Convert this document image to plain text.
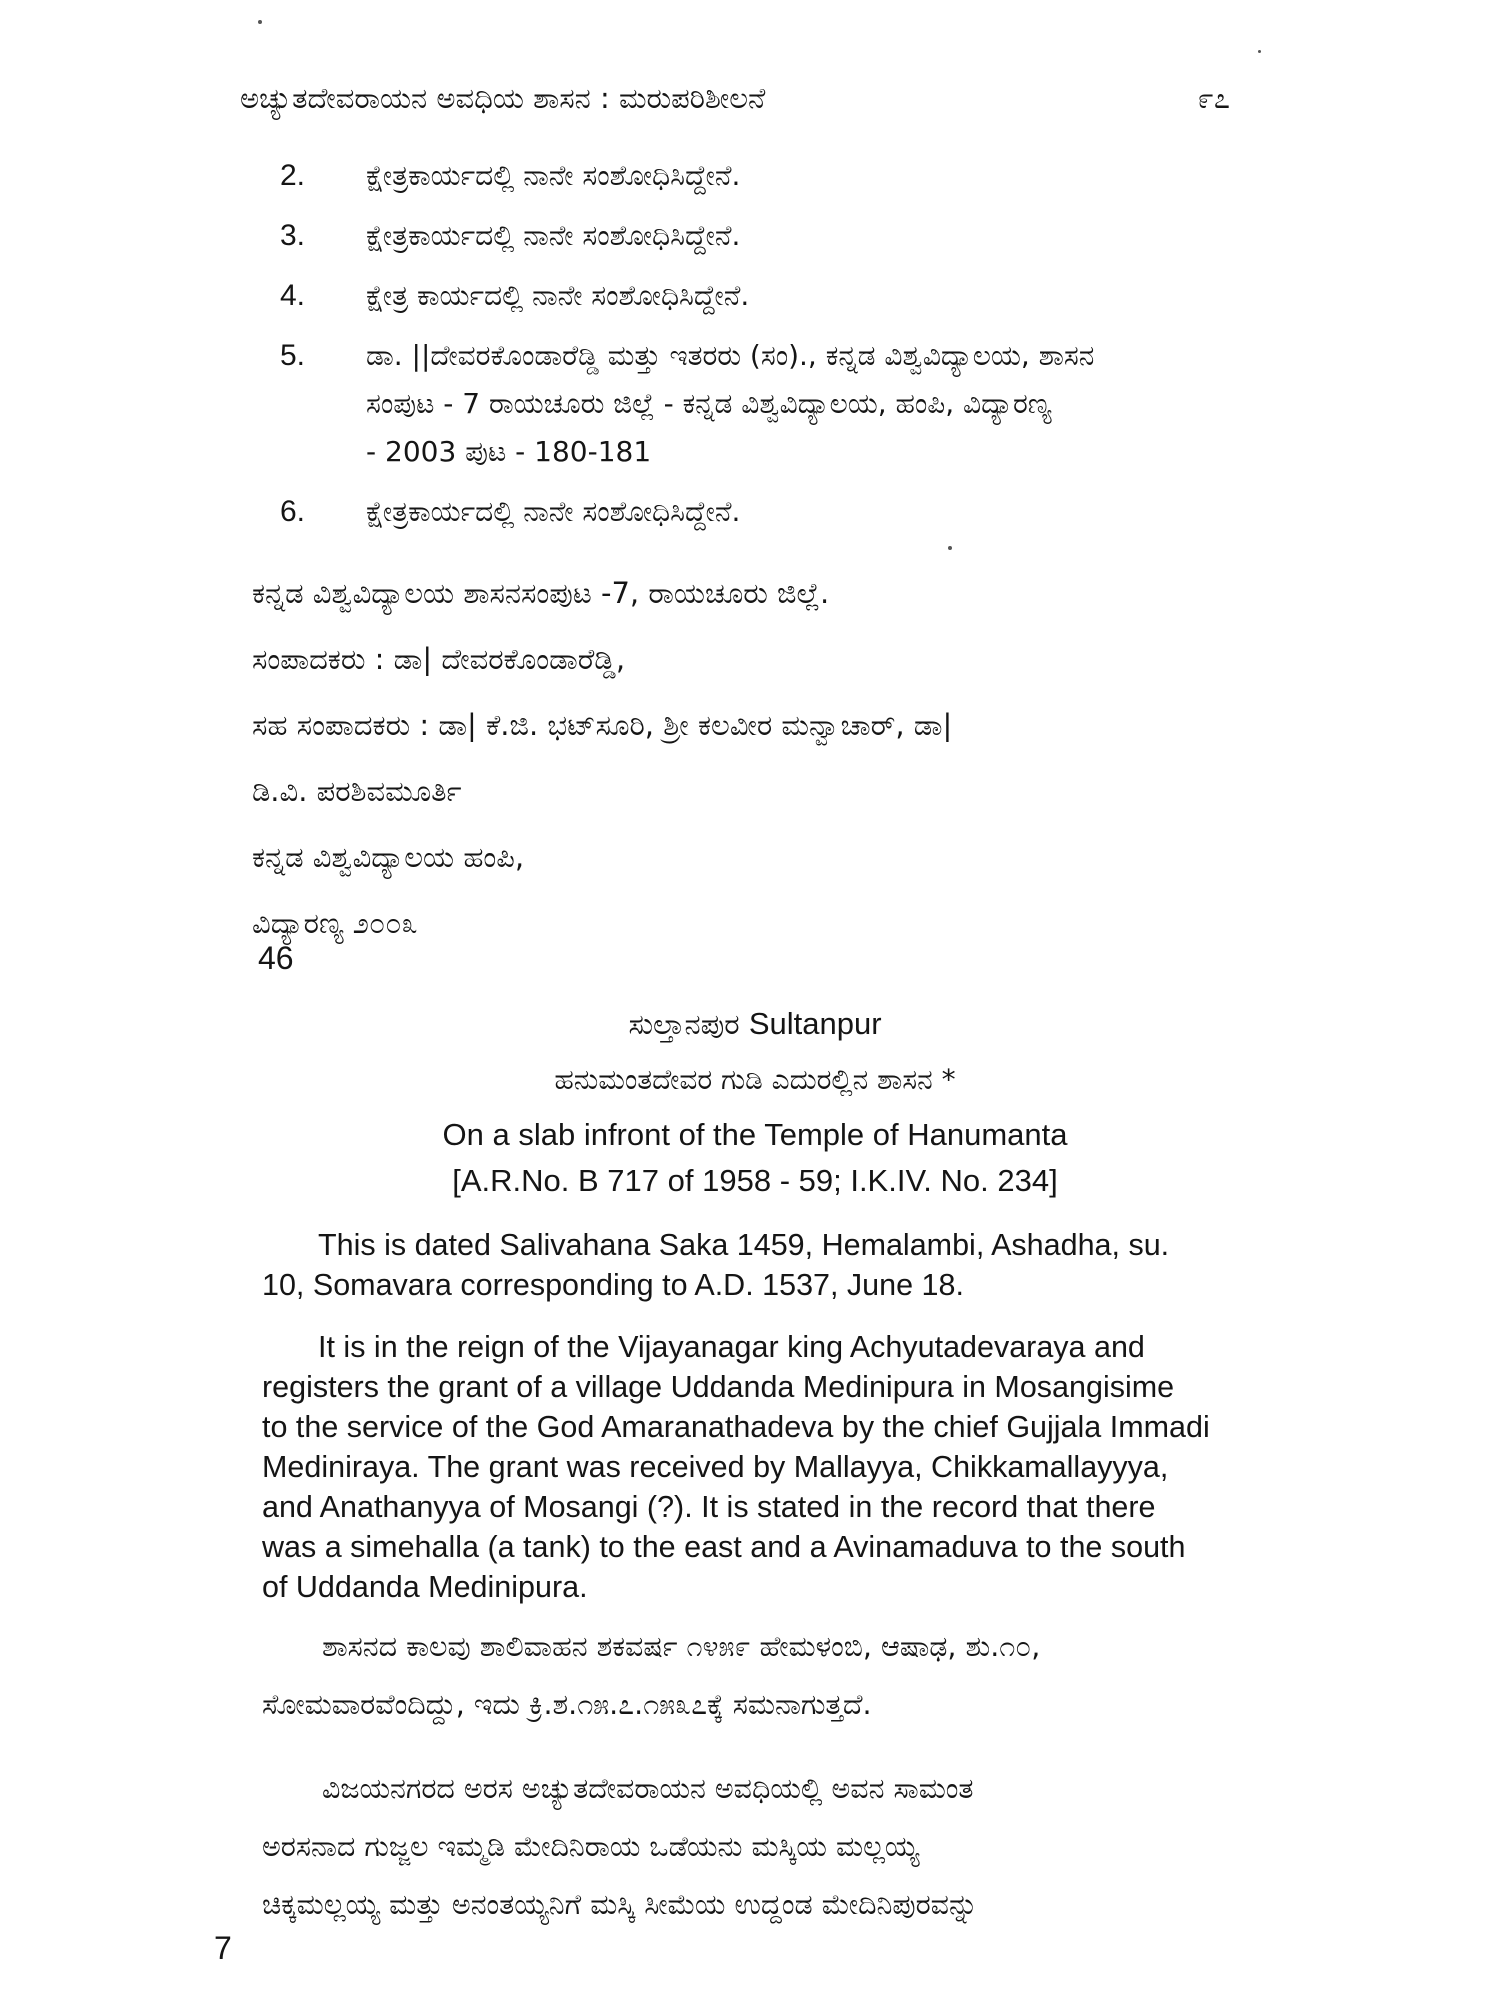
ಅಚ್ಯುತದೇವರಾಯನ ಅವಧಿಯ ಶಾಸನ : ಮರುಪರಿಶೀಲನೆ	೯೭
2.	ಕ್ಷೇತ್ರಕಾರ್ಯದಲ್ಲಿ ನಾನೇ ಸಂಶೋಧಿಸಿದ್ದೇನೆ.
3.	ಕ್ಷೇತ್ರಕಾರ್ಯದಲ್ಲಿ ನಾನೇ ಸಂಶೋಧಿಸಿದ್ದೇನೆ.
4.	ಕ್ಷೇತ್ರ ಕಾರ್ಯದಲ್ಲಿ ನಾನೇ ಸಂಶೋಧಿಸಿದ್ದೇನೆ.
5.	ಡಾ. ||ದೇವರಕೊಂಡಾರೆಡ್ಡಿ ಮತ್ತು ಇತರರು (ಸಂ)., ಕನ್ನಡ ವಿಶ್ವವಿದ್ಯಾಲಯ, ಶಾಸನ
ಸಂಪುಟ - 7 ರಾಯಚೂರು ಜಿಲ್ಲೆ - ಕನ್ನಡ ವಿಶ್ವವಿದ್ಯಾಲಯ, ಹಂಪಿ, ವಿದ್ಯಾರಣ್ಯ
- 2003 ಪುಟ - 180-181
6.	ಕ್ಷೇತ್ರಕಾರ್ಯದಲ್ಲಿ ನಾನೇ ಸಂಶೋಧಿಸಿದ್ದೇನೆ.
ಕನ್ನಡ ವಿಶ್ವವಿದ್ಯಾಲಯ ಶಾಸನಸಂಪುಟ -7, ರಾಯಚೂರು ಜಿಲ್ಲೆ.
ಸಂಪಾದಕರು : ಡಾ| ದೇವರಕೊಂಡಾರೆಡ್ಡಿ,
ಸಹ ಸಂಪಾದಕರು : ಡಾ| ಕೆ.ಜಿ. ಭಟ್‌ಸೂರಿ, ಶ್ರೀ ಕಲವೀರ ಮನ್ವಾಚಾರ್, ಡಾ|
ಡಿ.ವಿ. ಪರಶಿವಮೂರ್ತಿ
ಕನ್ನಡ ವಿಶ್ವವಿದ್ಯಾಲಯ ಹಂಪಿ,
ವಿದ್ಯಾರಣ್ಯ ೨೦೦೩
46
ಸುಲ್ತಾನಪುರ Sultanpur
ಹನುಮಂತದೇವರ ಗುಡಿ ಎದುರಲ್ಲಿನ ಶಾಸನ *
On a slab infront of the Temple of Hanumanta
[A.R.No. B 717 of 1958 - 59; I.K.IV. No. 234]
This is dated Salivahana Saka 1459, Hemalambi, Ashadha, su.
10, Somavara corresponding to A.D. 1537, June 18.
It is in the reign of the Vijayanagar king Achyutadevaraya and
registers the grant of a village Uddanda Medinipura in Mosangisime
to the service of the God Amaranathadeva by the chief Gujjala Immadi
Mediniraya. The grant was received by Mallayya, Chikkamallayyya,
and Anathanyya of Mosangi (?). It is stated in the record that there
was a simehalla (a tank) to the east and a Avinamaduva to the south
of Uddanda Medinipura.
ಶಾಸನದ ಕಾಲವು ಶಾಲಿವಾಹನ ಶಕವರ್ಷ ೧೪೫೯ ಹೇಮಳಂಬಿ, ಆಷಾಢ, ಶು.೧೦,
ಸೋಮವಾರವೆಂದಿದ್ದು, ಇದು ಕ್ರಿ.ಶ.೧೫.೭.೧೫೩೭ಕ್ಕೆ ಸಮನಾಗುತ್ತದೆ.
ವಿಜಯನಗರದ ಅರಸ ಅಚ್ಯುತದೇವರಾಯನ ಅವಧಿಯಲ್ಲಿ ಅವನ ಸಾಮಂತ
ಅರಸನಾದ ಗುಜ್ಜಲ ಇಮ್ಮಡಿ ಮೇದಿನಿರಾಯ ಒಡೆಯನು ಮಸ್ಕಿಯ ಮಲ್ಲಯ್ಯ
ಚಿಕ್ಕಮಲ್ಲಯ್ಯ ಮತ್ತು ಅನಂತಯ್ಯನಿಗೆ ಮಸ್ಕಿ ಸೀಮೆಯ ಉದ್ದಂಡ ಮೇದಿನಿಪುರವನ್ನು
7
